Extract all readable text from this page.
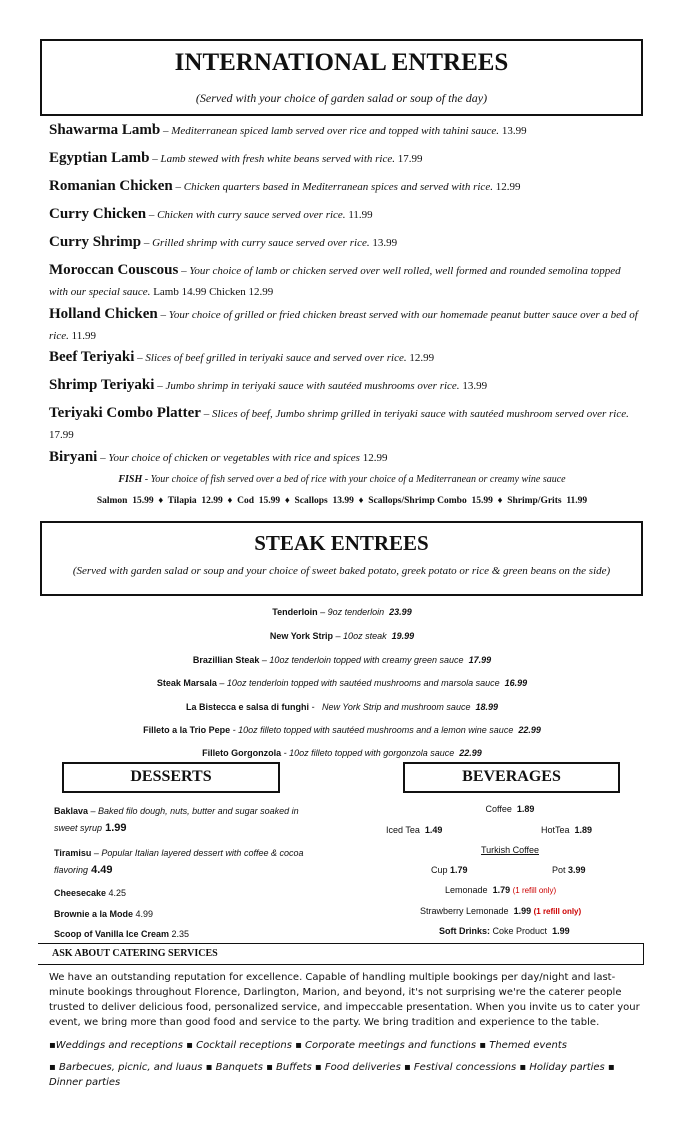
INTERNATIONAL ENTREES
(Served with your choice of garden salad or soup of the day)
Shawarma Lamb – Mediterranean spiced lamb served over rice and topped with tahini sauce. 13.99
Egyptian Lamb – Lamb stewed with fresh white beans served with rice. 17.99
Romanian Chicken – Chicken quarters based in Mediterranean spices and served with rice. 12.99
Curry Chicken – Chicken with curry sauce served over rice. 11.99
Curry Shrimp – Grilled shrimp with curry sauce served over rice. 13.99
Moroccan Couscous – Your choice of lamb or chicken served over well rolled, well formed and rounded semolina topped with our special sauce. Lamb 14.99 Chicken 12.99
Holland Chicken – Your choice of grilled or fried chicken breast served with our homemade peanut butter sauce over a bed of rice. 11.99
Beef Teriyaki – Slices of beef grilled in teriyaki sauce and served over rice. 12.99
Shrimp Teriyaki – Jumbo shrimp in teriyaki sauce with sautéed mushrooms over rice. 13.99
Teriyaki Combo Platter – Slices of beef, Jumbo shrimp grilled in teriyaki sauce with sautéed mushroom served over rice. 17.99
Biryani – Your choice of chicken or vegetables with rice and spices 12.99
FISH - Your choice of fish served over a bed of rice with your choice of a Mediterranean or creamy wine sauce
Salmon 15.99  ♦  Tilapia 12.99  ♦  Cod 15.99  ♦  Scallops 13.99  ♦  Scallops/Shrimp Combo 15.99  ♦  Shrimp/Grits 11.99
STEAK ENTREES
(Served with garden salad or soup and your choice of sweet baked potato, greek potato or rice & green beans on the side)
Tenderloin – 9oz tenderloin  23.99
New York Strip – 10oz steak  19.99
Brazillian Steak – 10oz tenderloin topped with creamy green sauce  17.99
Steak Marsala – 10oz tenderloin topped with sautéed mushrooms and marsola sauce  16.99
La Bistecca e salsa di funghi -   New York Strip and mushroom sauce  18.99
Filleto a la Trio Pepe - 10oz filleto topped with sautéed mushrooms and a lemon wine sauce  22.99
Filleto Gorgonzola - 10oz filleto topped with gorgonzola sauce  22.99
DESSERTS
Baklava – Baked filo dough, nuts, butter and sugar soaked in sweet syrup 1.99
Tiramisu – Popular Italian layered dessert with coffee & cocoa flavoring 4.49
Cheesecake 4.25
Brownie a la Mode 4.99
Scoop of Vanilla Ice Cream 2.35
BEVERAGES
Coffee 1.89
Iced Tea 1.49	HotTea 1.89
Turkish Coffee
Cup 1.79	Pot 3.99
Lemonade 1.79 (1 refill only)
Strawberry Lemonade 1.99 (1 refill only)
Soft Drinks: Coke Product 1.99
ASK ABOUT CATERING SERVICES
We have an outstanding reputation for excellence. Capable of handling multiple bookings per day/night and last-minute bookings throughout Florence, Darlington, Marion, and beyond, it's not surprising we're the caterer people trusted to deliver delicious food, personalized service, and impeccable presentation. When you invite us to cater your event, we bring more than good food and service to the party. We bring tradition and experience to the table.
▪Weddings and receptions ▪ Cocktail receptions ▪ Corporate meetings and functions ▪ Themed events
▪ Barbecues, picnic, and luaus ▪ Banquets ▪ Buffets ▪ Food deliveries ▪ Festival concessions ▪ Holiday parties ▪ Dinner parties
